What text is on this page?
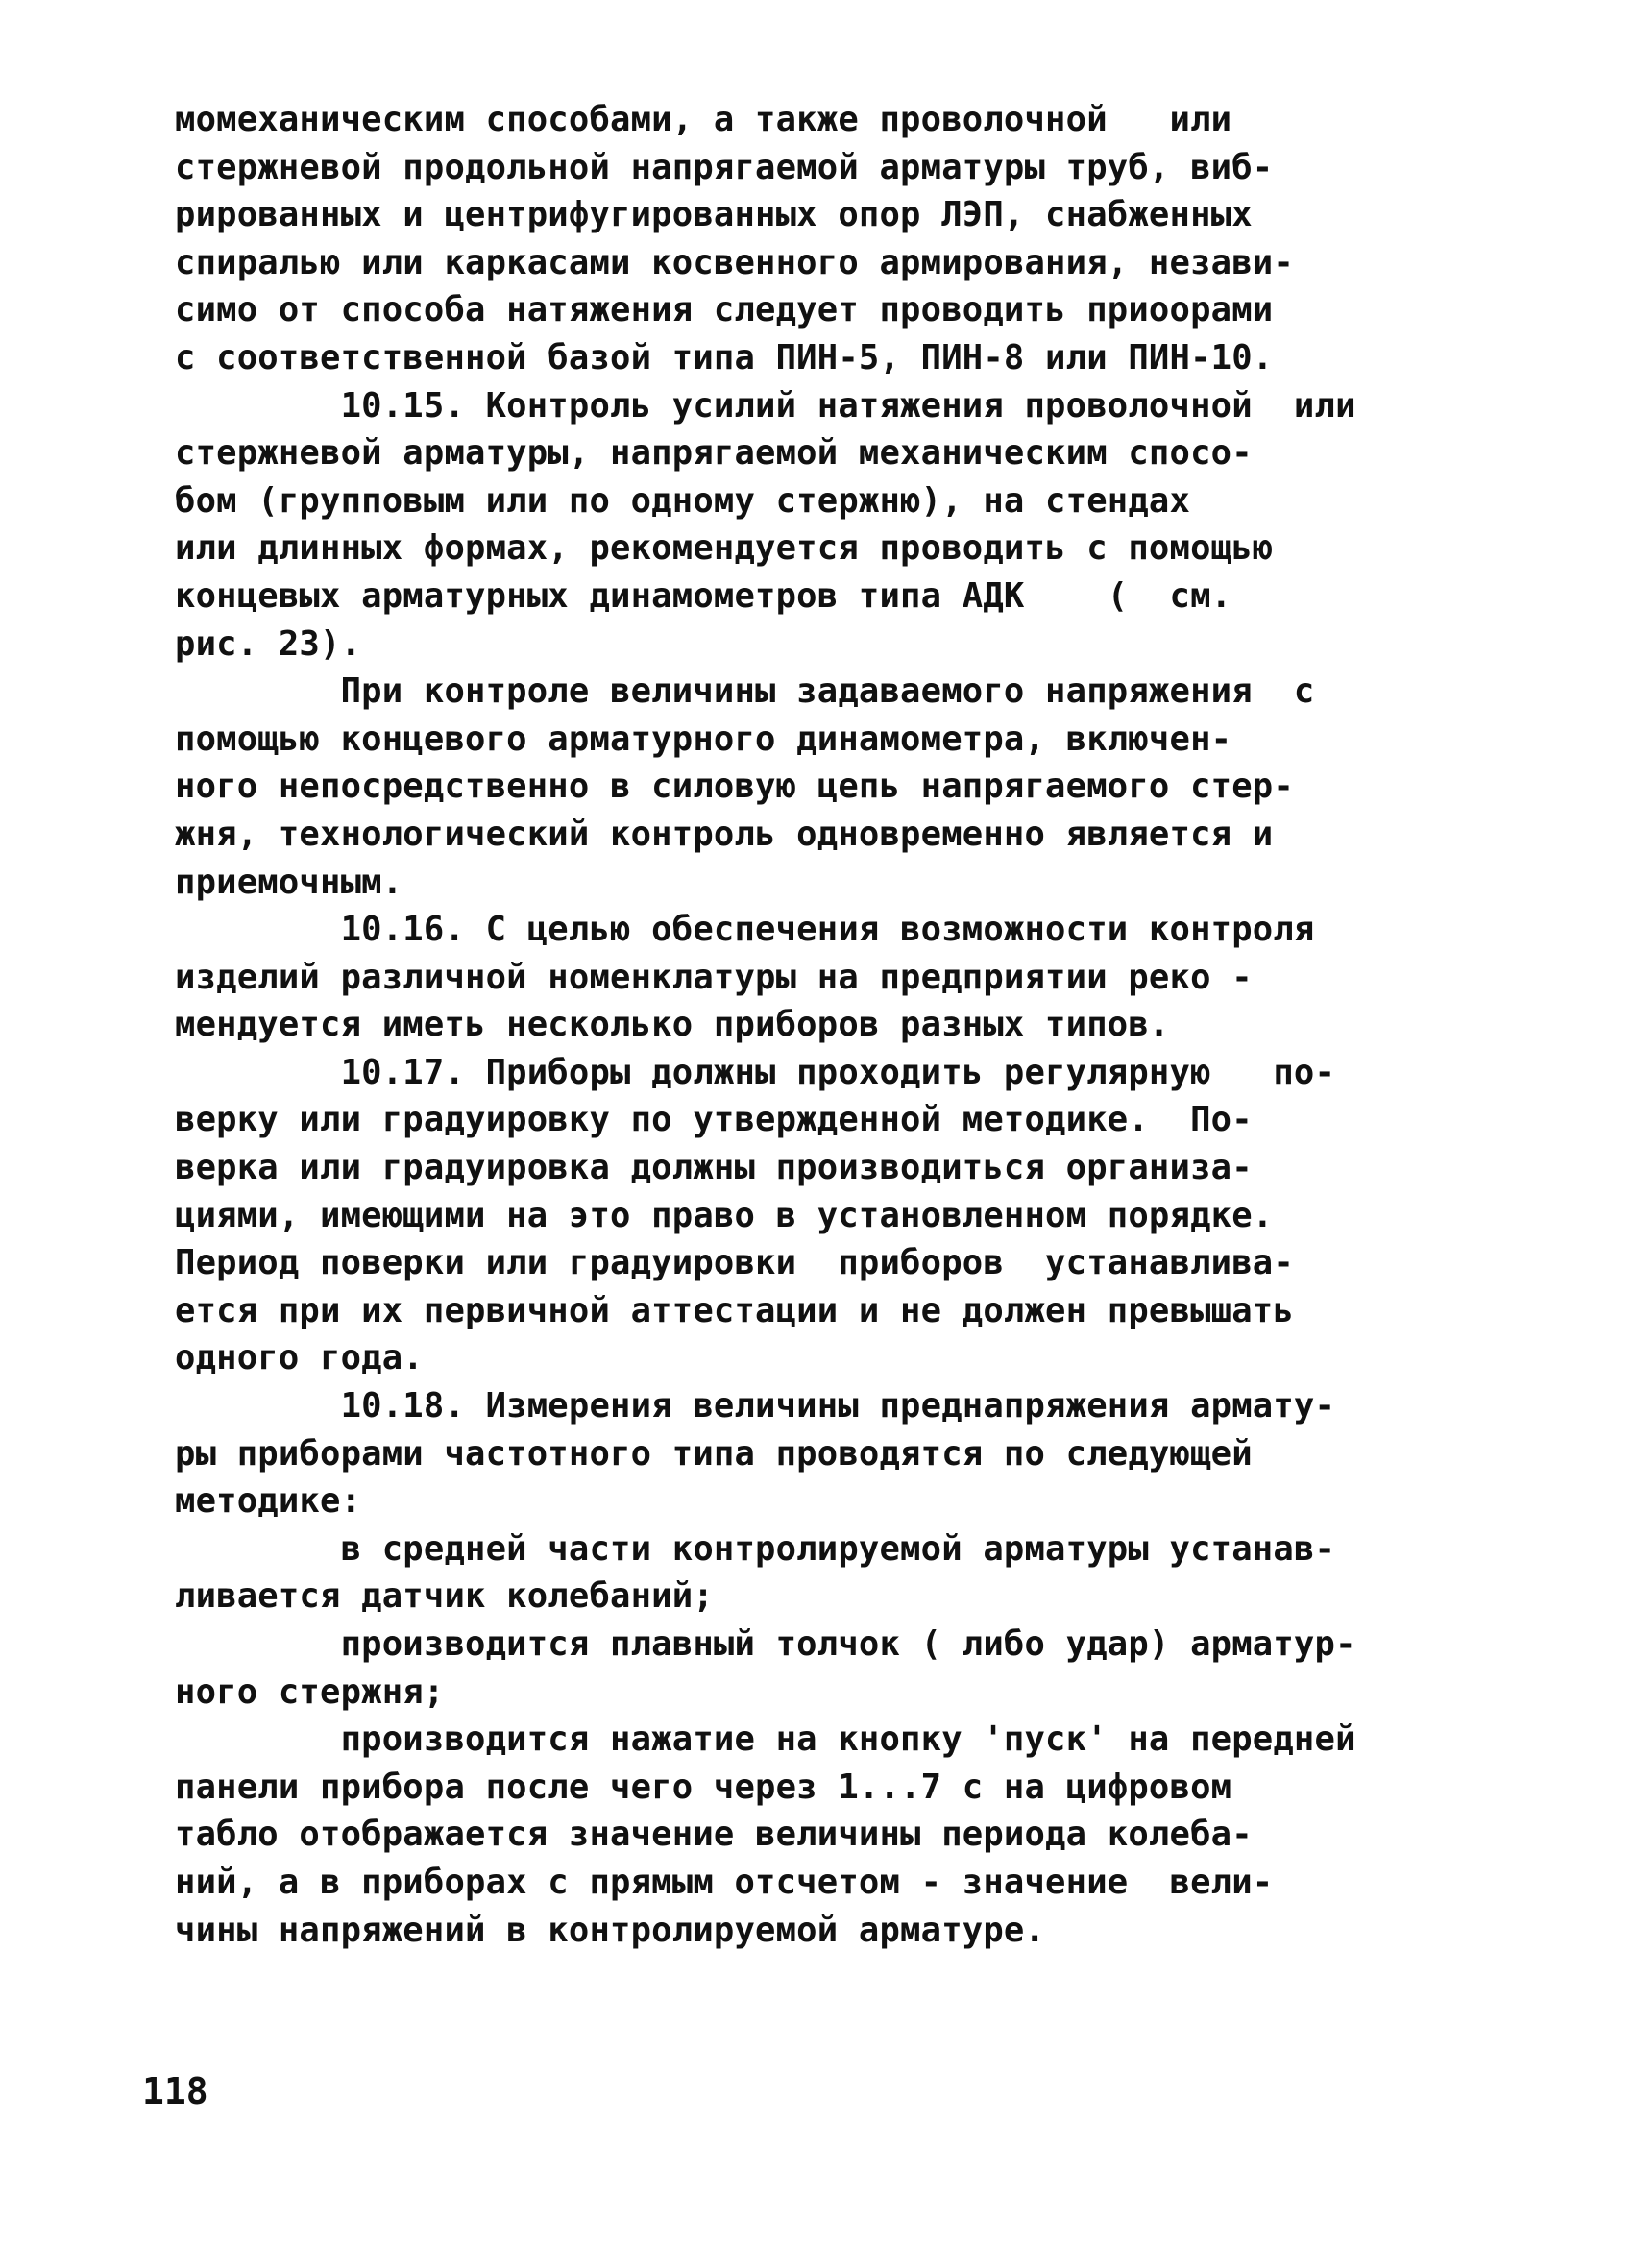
момеханическим способами, а также проволочной   или
стержневой продольной напрягаемой арматуры труб, виб-
рированных и центрифугированных опор ЛЭП, снабженных
спиралью или каркасами косвенного армирования, незави-
симо от способа натяжения следует проводить приоорами
с соответственной базой типа ПИН-5, ПИН-8 или ПИН-10.
10.15. Контроль усилий натяжения проволочной  или
стержневой арматуры, напрягаемой механическим спосо-
бом (групповым или по одному стержню), на стендах
или длинных формах, рекомендуется проводить с помощью
концевых арматурных динамометров типа АДК    (  см.
рис. 23).
При контроле величины задаваемого напряжения  с
помощью концевого арматурного динамометра, включен-
ного непосредственно в силовую цепь напрягаемого стер-
жня, технологический контроль одновременно является и
приемочным.
10.16. С целью обеспечения возможности контроля
изделий различной номенклатуры на предприятии реко -
мендуется иметь несколько приборов разных типов.
10.17. Приборы должны проходить регулярную   по-
верку или градуировку по утвержденной методике.  По-
верка или градуировка должны производиться организа-
циями, имеющими на это право в установленном порядке.
Период поверки или градуировки  приборов  устанавлива-
ется при их первичной аттестации и не должен превышать
одного года.
10.18. Измерения величины преднапряжения армату-
ры приборами частотного типа проводятся по следующей
методике:
в средней части контролируемой арматуры устанав-
ливается датчик колебаний;
производится плавный толчок ( либо удар) арматур-
ного стержня;
производится нажатие на кнопку 'пуск' на передней
панели прибора после чего через 1...7 с на цифровом
табло отображается значение величины периода колеба-
ний, а в приборах с прямым отсчетом - значение  вели-
чины напряжений в контролируемой арматуре.
118
